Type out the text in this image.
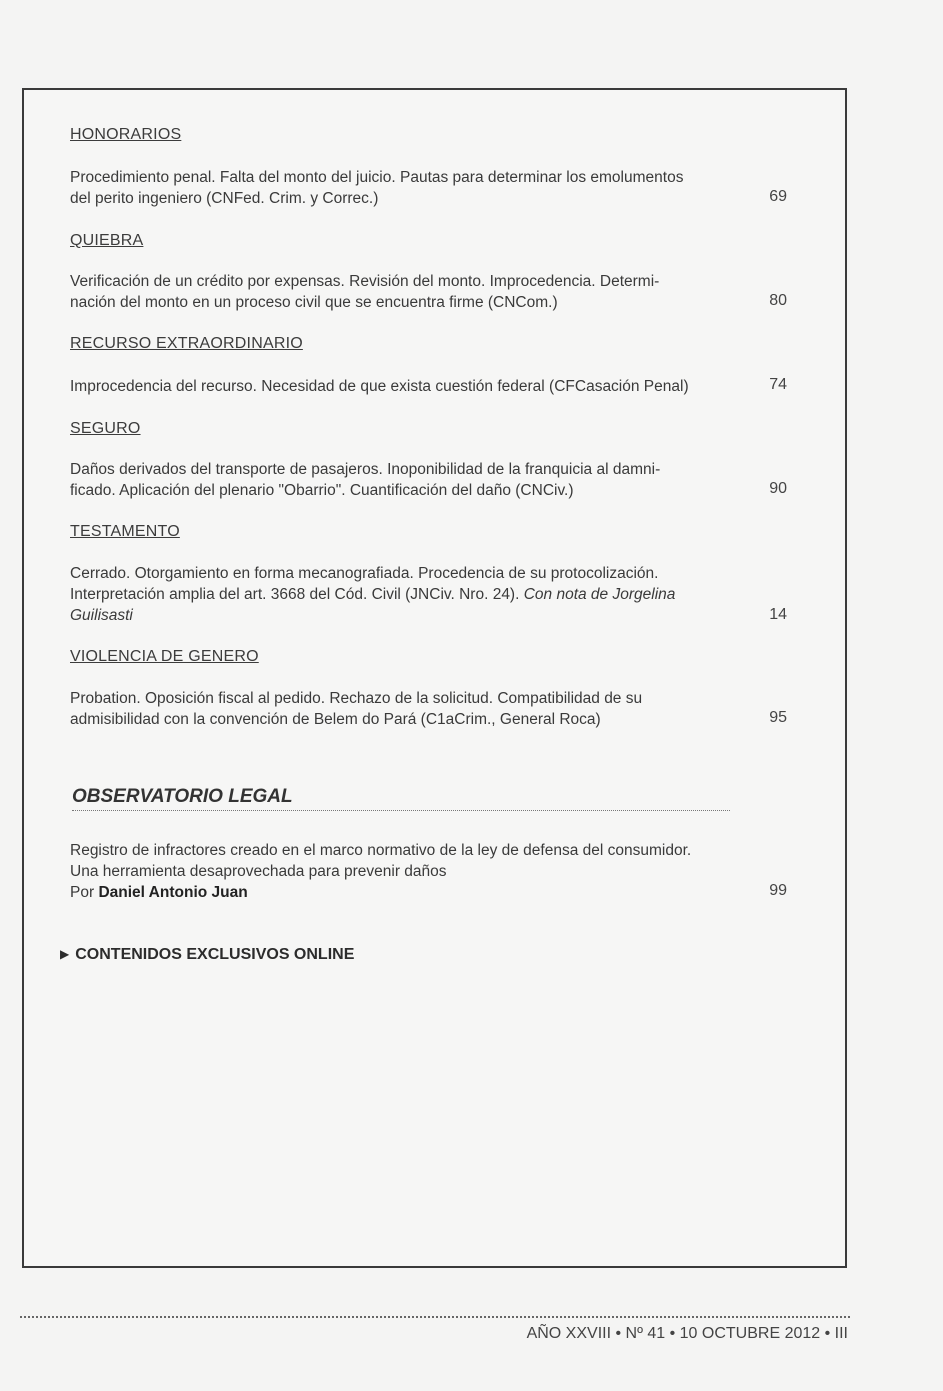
HONORARIOS

Procedimiento penal. Falta del monto del juicio. Pautas para determinar los emolumentos
del perito ingeniero (CNFed. Crim. y Correc.)	69

QUIEBRA

Verificación de un crédito por expensas. Revisión del monto. Improcedencia. Determi-
nación del monto en un proceso civil que se encuentra firme (CNCom.)	80

RECURSO EXTRAORDINARIO

Improcedencia del recurso. Necesidad de que exista cuestión federal (CFCasación Penal)	74

SEGURO

Daños derivados del transporte de pasajeros. Inoponibilidad de la franquicia al damni-
ficado. Aplicación del plenario "Obarrio". Cuantificación del daño (CNCiv.)	90

TESTAMENTO

Cerrado. Otorgamiento en forma mecanografiada. Procedencia de su protocolización.
Interpretación amplia del art. 3668 del Cód. Civil (JNCiv. Nro. 24). Con nota de Jorgelina
Guilisasti	14

VIOLENCIA DE GENERO

Probation. Oposición fiscal al pedido. Rechazo de la solicitud. Compatibilidad de su
admisibilidad con la convención de Belem do Pará (C1aCrim., General Roca)	95
OBSERVATORIO LEGAL
Registro de infractores creado en el marco normativo de la ley de defensa del consumidor.
Una herramienta desaprovechada para prevenir daños
Por Daniel Antonio Juan	99
▶ CONTENIDOS EXCLUSIVOS ONLINE
AÑO XXVIII • Nº 41 • 10 OCTUBRE 2012 • III
